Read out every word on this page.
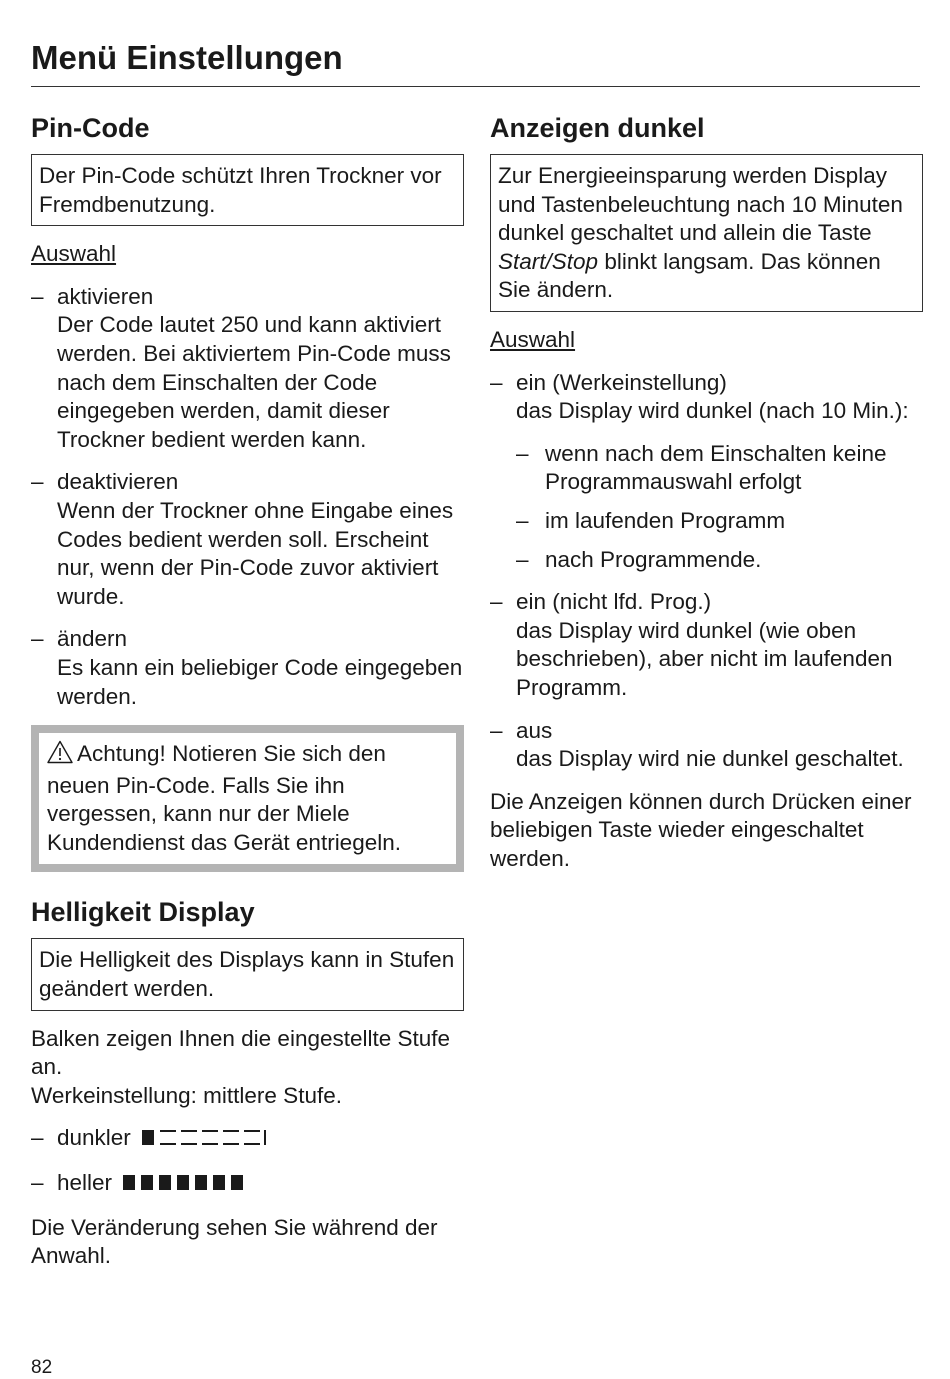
Menü Einstellungen
Pin-Code
Der Pin-Code schützt Ihren Trockner vor Fremdbenutzung.
Auswahl
– aktivieren
Der Code lautet 250 und kann aktiviert werden. Bei aktiviertem Pin-Code muss nach dem Einschalten der Code eingegeben werden, damit dieser Trockner bedient werden kann.
– deaktivieren
Wenn der Trockner ohne Eingabe eines Codes bedient werden soll. Erscheint nur, wenn der Pin-Code zuvor aktiviert wurde.
– ändern
Es kann ein beliebiger Code eingegeben werden.
Achtung! Notieren Sie sich den neuen Pin-Code. Falls Sie ihn vergessen, kann nur der Miele Kundendienst das Gerät entriegeln.
Helligkeit Display
Die Helligkeit des Displays kann in Stufen geändert werden.

Balken zeigen Ihnen die eingestellte Stufe an.
Werkeinstellung: mittlere Stufe.

– dunkler
– heller

Die Veränderung sehen Sie während der Anwahl.

Anzeigen dunkel
Zur Energieeinsparung werden Display und Tastenbeleuchtung nach 10 Minuten dunkel geschaltet und allein die Taste Start/Stop blinkt langsam. Das können Sie ändern.
Auswahl
– ein (Werkeinstellung)
das Display wird dunkel (nach 10 Min.):
– wenn nach dem Einschalten keine Programmauswahl erfolgt
– im laufenden Programm
– nach Programmende.
– ein (nicht lfd. Prog.)
das Display wird dunkel (wie oben beschrieben), aber nicht im laufenden Programm.
– aus
das Display wird nie dunkel geschaltet.

Die Anzeigen können durch Drücken einer beliebigen Taste wieder eingeschaltet werden.

82
